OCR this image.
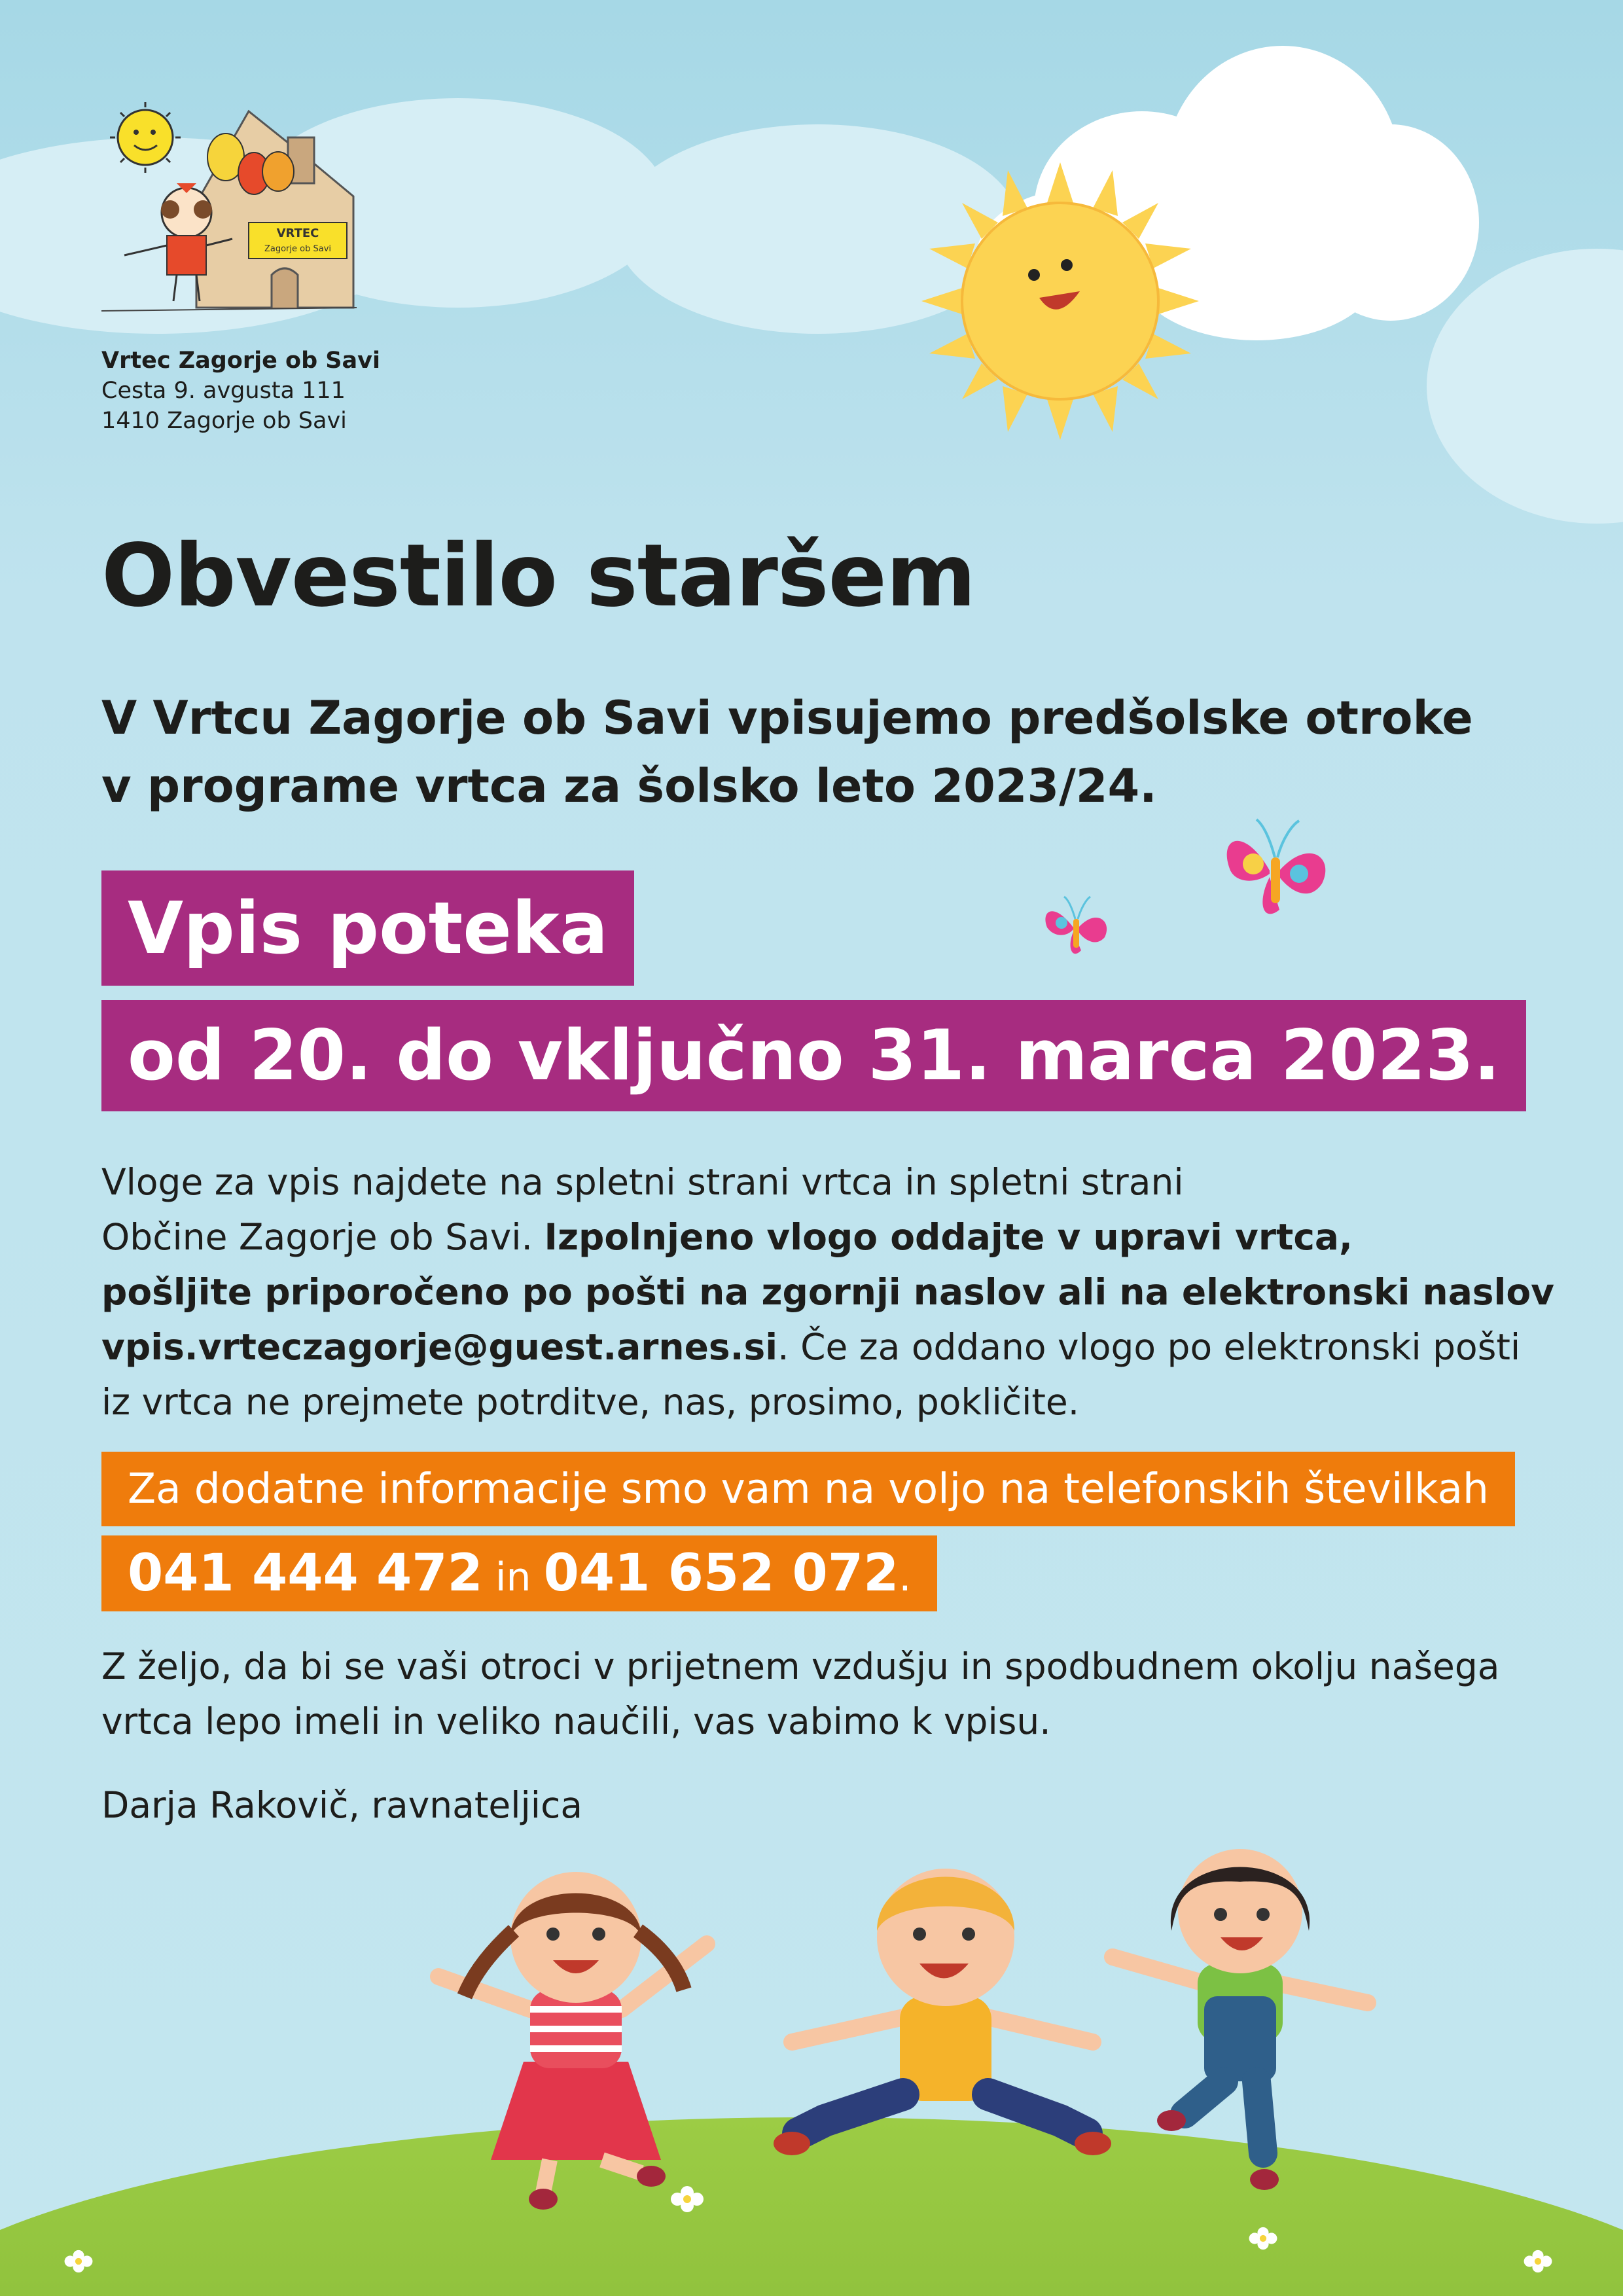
VRTEC
Zagorje ob Savi
Vrtec Zagorje ob Savi
Cesta 9. avgusta 111
1410 Zagorje ob Savi
Obvestilo staršem
V Vrtcu Zagorje ob Savi vpisujemo predšolske otroke
v programe vrtca za šolsko leto 2023/24.
Vpis poteka
od 20. do vključno 31. marca 2023.
Vloge za vpis najdete na spletni strani vrtca in spletni strani
Občine Zagorje ob Savi. Izpolnjeno vlogo oddajte v upravi vrtca,
pošljite priporočeno po pošti na zgornji naslov ali na elektronski naslov
vpis.vrteczagorje@guest.arnes.si. Če za oddano vlogo po elektronski pošti
iz vrtca ne prejmete potrditve, nas, prosimo, pokličite.
Za dodatne informacije smo vam na voljo na telefonskih številkah
041 444 472 in 041 652 072.
Z željo, da bi se vaši otroci v prijetnem vzdušju in spodbudnem okolju našega
vrtca lepo imeli in veliko naučili, vas vabimo k vpisu.
Darja Rakovič, ravnateljica
